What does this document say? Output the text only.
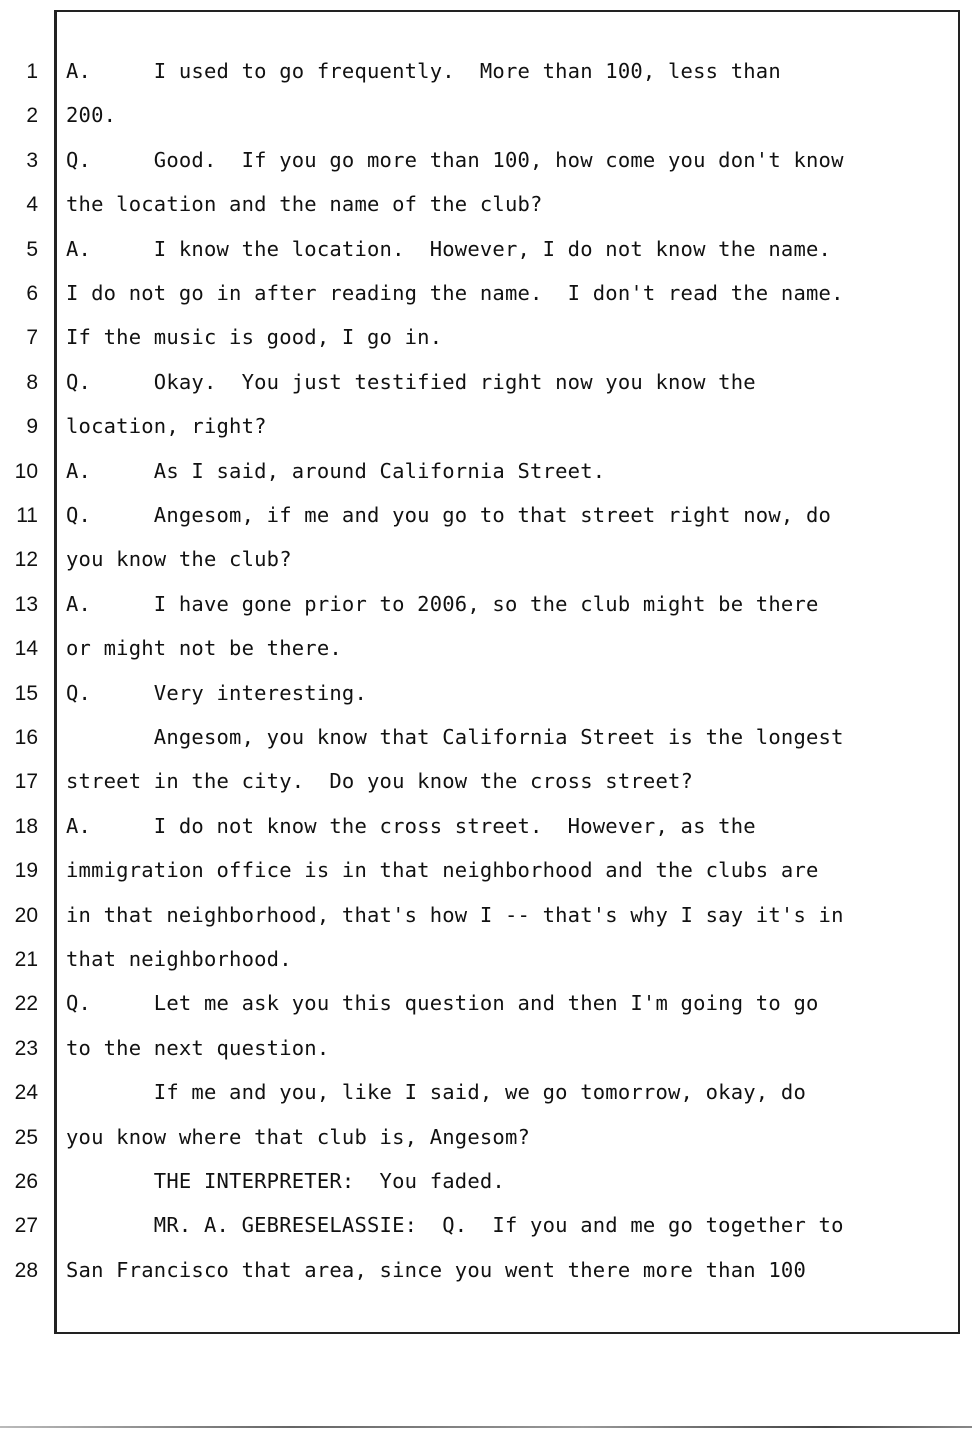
1 A.     I used to go frequently.  More than 100, less than
2 200.
3 Q.     Good.  If you go more than 100, how come you don't know
4 the location and the name of the club?
5 A.     I know the location.  However, I do not know the name.
6 I do not go in after reading the name.  I don't read the name.
7 If the music is good, I go in.
8 Q.     Okay.  You just testified right now you know the
9 location, right?
10 A.     As I said, around California Street.
11 Q.     Angesom, if me and you go to that street right now, do
12 you know the club?
13 A.     I have gone prior to 2006, so the club might be there
14 or might not be there.
15 Q.     Very interesting.
16 Angesom, you know that California Street is the longest
17 street in the city.  Do you know the cross street?
18 A.     I do not know the cross street.  However, as the
19 immigration office is in that neighborhood and the clubs are
20 in that neighborhood, that's how I -- that's why I say it's in
21 that neighborhood.
22 Q.     Let me ask you this question and then I'm going to go
23 to the next question.
24 If me and you, like I said, we go tomorrow, okay, do
25 you know where that club is, Angesom?
26 THE INTERPRETER:  You faded.
27 MR. A. GEBRESELASSIE:  Q.  If you and me go together to
28 San Francisco that area, since you went there more than 100
